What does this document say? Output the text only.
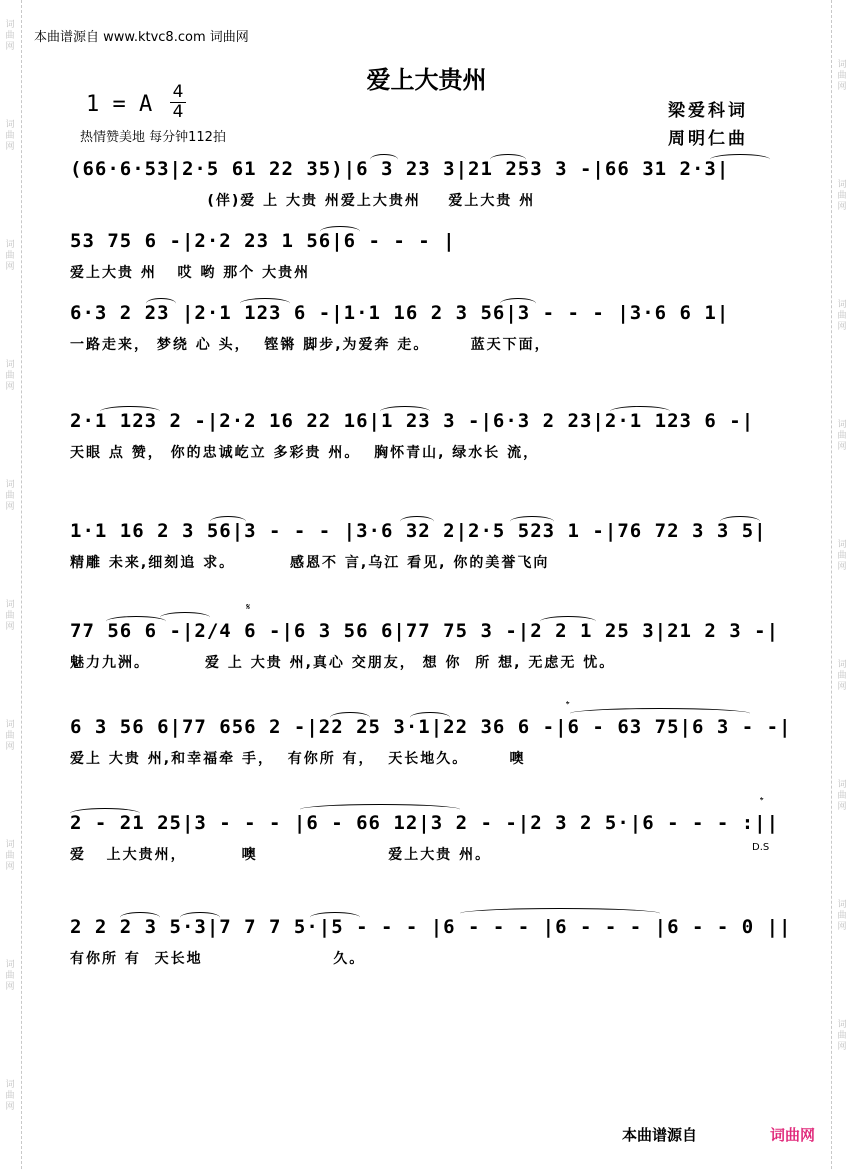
词曲网
词曲网
词曲网
词曲网
词曲网
词曲网
词曲网
词曲网
词曲网
词曲网
词曲网
词曲网
词曲网
词曲网
词曲网
词曲网
词曲网
词曲网
词曲网
本曲谱源自 www.ktvc8.com 词曲网
爱上大贵州
1 = A 4
4
热情赞美地 每分钟112拍
梁爱科词
周明仁曲
(66·6·53|2·5 61 22 35)|6 3 23 3|21 253 3 -|66 31 2·3|
(伴)爱 上 大贵 州爱上大贵州    爱上大贵 州
53 75 6 -|2·2 23 1 56|6 - - - |
爱上大贵 州   哎 哟 那个 大贵州
6·3 2 23 |2·1 123 6 -|1·1 16 2 3 56|3 - - - |3·6 6 1|
一路走来， 梦绕 心 头，  铿锵 脚步,为爱奔 走。      蓝天下面，
2·1 123 2 -|2·2 16 22 16|1 23 3 -|6·3 2 23|2·1 123 6 -|
天眼 点 赞， 你的忠诚屹立 多彩贵 州。  胸怀青山, 绿水长 流，
1·1 16 2 3 56|3 - - - |3·6 32 2|2·5 523 1 -|76 72 3 3 5|
精雕 未来,细刻追 求。        感恩不 言,乌江 看见, 你的美誉飞向
𝄋
77 56 6 -|2/4 6 -|6 3 56 6|77 75 3 -|2 2 1 25 3|21 2 3 -|
魅力九洲。        爱 上 大贵 州,真心 交朋友， 想 你  所 想, 无虑无 忧。
𝄌
6 3 56 6|77 656 2 -|22 25 3·1|22 36 6 -|6 - 63 75|6 3 - -|
爱上 大贵 州,和幸福牵 手，  有你所 有，  天长地久。      噢
𝄌
D.S
2 - 21 25|3 - - - |6 - 66 12|3 2 - -|2 3 2 5·|6 - - - :||
爱   上大贵州，        噢                   爱上大贵 州。
2 2 2 3 5·3|7 7 7 5·|5 - - - |6 - - - |6 - - - |6 - - 0 ||
有你所 有  天长地                   久。
本曲谱源自	词曲网
